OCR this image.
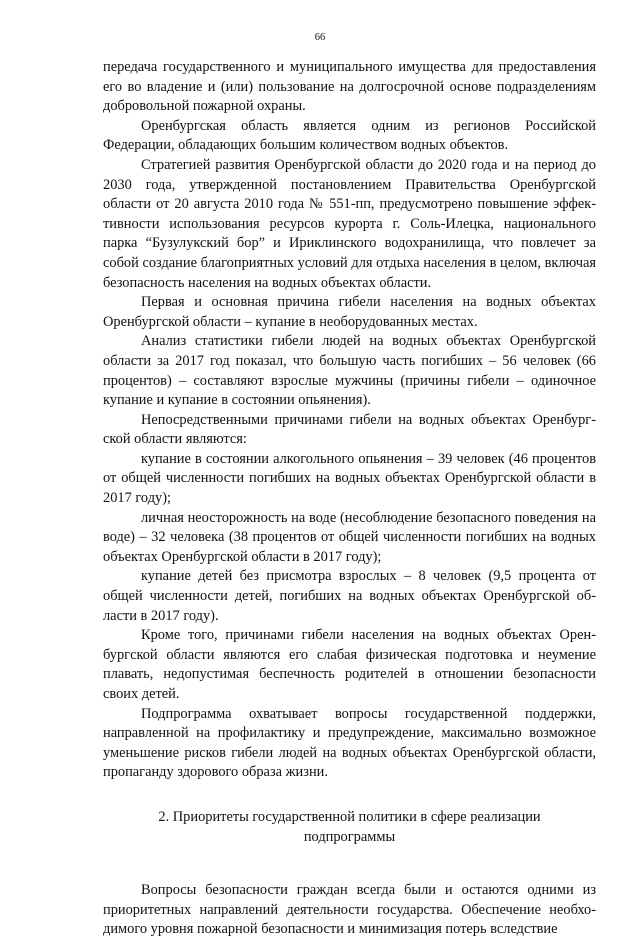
66

передача государственного и муниципального имущества для предоставления его во владение и (или) пользование на долгосрочной основе подразделениям добровольной пожарной охраны.

Оренбургская область является одним из регионов Российской Федерации, обладающих большим количеством водных объектов.

Стратегией развития Оренбургской области до 2020 года и на период до 2030 года, утвержденной постановлением Правительства Оренбургской области от 20 августа 2010 года № 551-пп, предусмотрено повышение эффективности использования ресурсов курорта г. Соль-Илецка, национального парка “Бузулукский бор” и Ириклинского водохранилища, что повлечет за собой создание благоприятных условий для отдыха населения в целом, включая безопасность населения на водных объектах области.

Первая и основная причина гибели населения на водных объектах Оренбургской области – купание в необорудованных местах.

Анализ статистики гибели людей на водных объектах Оренбургской области за 2017 год показал, что большую часть погибших – 56 человек (66 процентов) – составляют взрослые мужчины (причины гибели – одиночное купание и купание в состоянии опьянения).

Непосредственными причинами гибели на водных объектах Оренбургской области являются:

купание в состоянии алкогольного опьянения – 39 человек (46 процентов от общей численности погибших на водных объектах Оренбургской области в 2017 году);

личная неосторожность на воде (несоблюдение безопасного поведения на воде) – 32 человека (38 процентов от общей численности погибших на водных объектах Оренбургской области в 2017 году);

купание детей без присмотра взрослых – 8 человек (9,5 процента от общей численности детей, погибших на водных объектах Оренбургской области в 2017 году).

Кроме того, причинами гибели населения на водных объектах Оренбургской области являются его слабая физическая подготовка и неумение плавать, недопустимая беспечность родителей в отношении безопасности своих детей.

Подпрограмма охватывает вопросы государственной поддержки, направленной на профилактику и предупреждение, максимально возможное уменьшение рисков гибели людей на водных объектах Оренбургской области, пропаганду здорового образа жизни.

2. Приоритеты государственной политики в сфере реализации
подпрограммы

Вопросы безопасности граждан всегда были и остаются одними из приоритетных направлений деятельности государства. Обеспечение необходимого уровня пожарной безопасности и минимизация потерь вследствие
